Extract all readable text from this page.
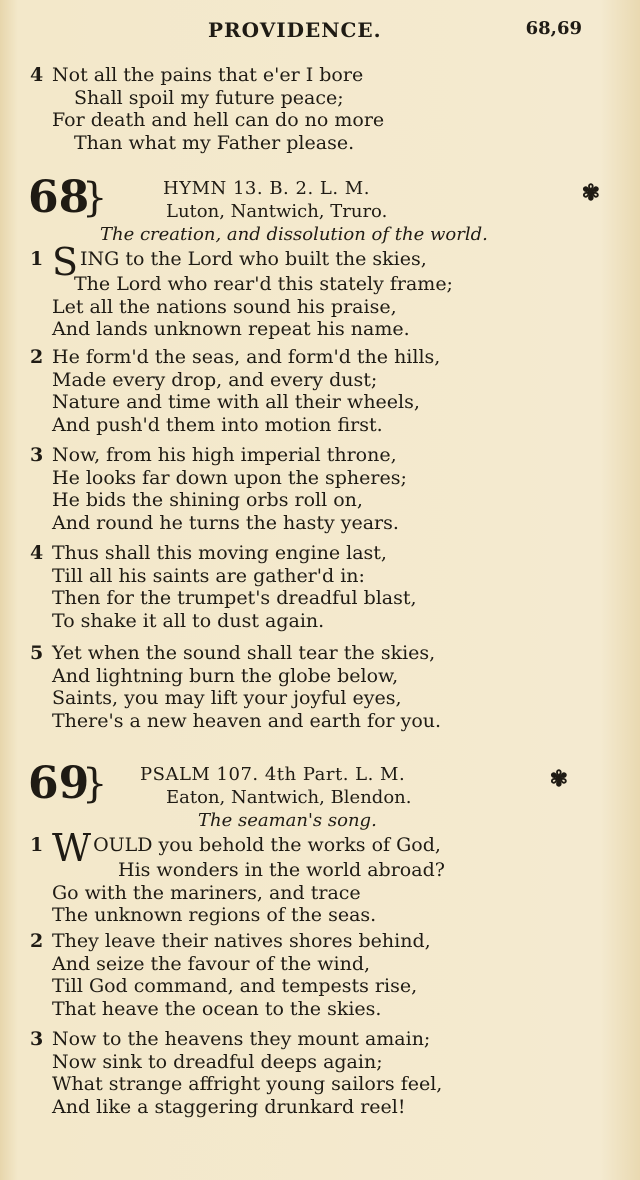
PROVIDENCE.	68,69
4 Not all the pains that e'er I bore
Shall spoil my future peace;
For death and hell can do no more
Than what my Father please.
68
}	HYMN 13. B. 2. L. M.
Luton, Nantwich, Truro.
✾
The creation, and dissolution of the world.
1 SING to the Lord who built the skies,
The Lord who rear'd this stately frame;
Let all the nations sound his praise,
And lands unknown repeat his name.
2 He form'd the seas, and form'd the hills,
Made every drop, and every dust;
Nature and time with all their wheels,
And push'd them into motion first.
3 Now, from his high imperial throne,
He looks far down upon the spheres;
He bids the shining orbs roll on,
And round he turns the hasty years.
4 Thus shall this moving engine last,
Till all his saints are gather'd in:
Then for the trumpet's dreadful blast,
To shake it all to dust again.
5 Yet when the sound shall tear the skies,
And lightning burn the globe below,
Saints, you may lift your joyful eyes,
There's a new heaven and earth for you.
69
} PSALM 107. 4th Part. L. M.
Eaton, Nantwich, Blendon.
✾
The seaman's song.
1 WOULD you behold the works of God,
His wonders in the world abroad?
Go with the mariners, and trace
The unknown regions of the seas.
2 They leave their natives shores behind,
And seize the favour of the wind,
Till God command, and tempests rise,
That heave the ocean to the skies.
3 Now to the heavens they mount amain;
Now sink to dreadful deeps again;
What strange affright young sailors feel,
And like a staggering drunkard reel!
